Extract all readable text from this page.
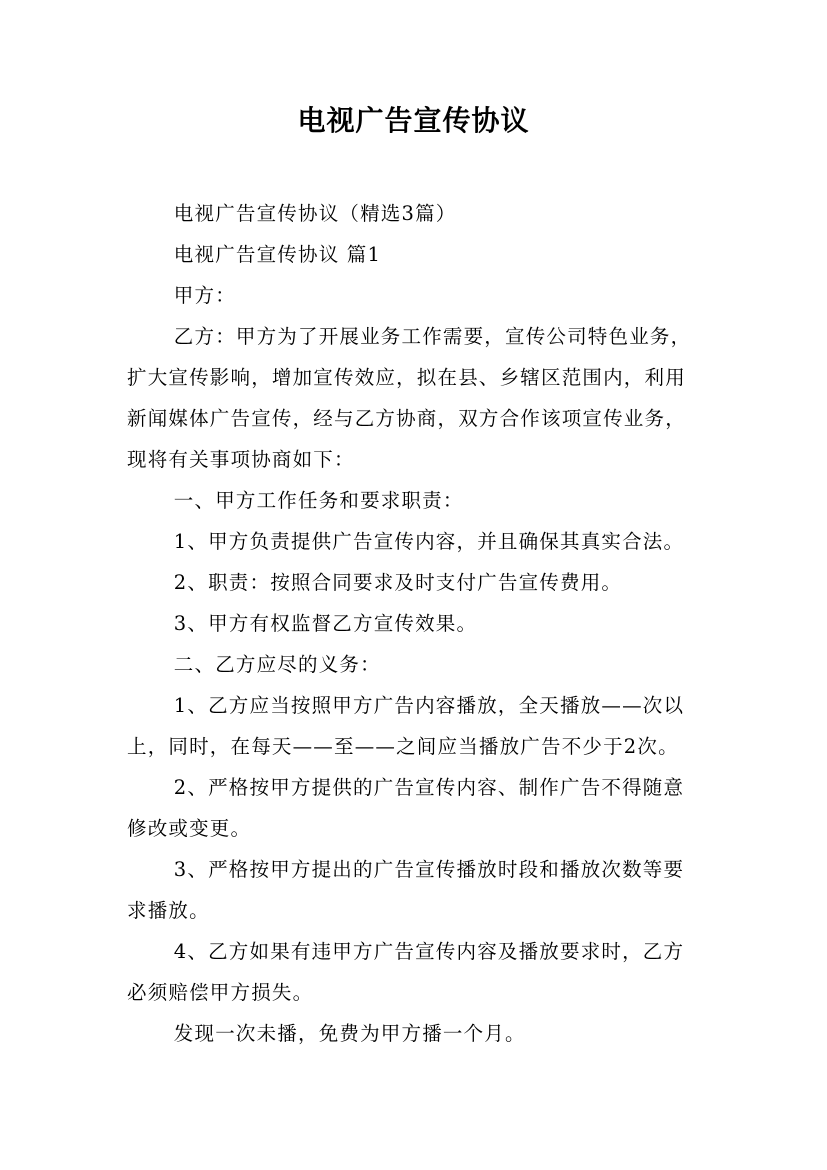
电视广告宣传协议

电视广告宣传协议（精选3篇）

电视广告宣传协议 篇1

甲方：

乙方：甲方为了开展业务工作需要，宣传公司特色业务，扩大宣传影响，增加宣传效应，拟在县、乡辖区范围内，利用新闻媒体广告宣传，经与乙方协商，双方合作该项宣传业务，现将有关事项协商如下：

一、甲方工作任务和要求职责：

1、甲方负责提供广告宣传内容，并且确保其真实合法。

2、职责：按照合同要求及时支付广告宣传费用。

3、甲方有权监督乙方宣传效果。

二、乙方应尽的义务：

1、乙方应当按照甲方广告内容播放，全天播放——次以上，同时，在每天——至——之间应当播放广告不少于2次。

2、严格按甲方提供的广告宣传内容、制作广告不得随意修改或变更。

3、严格按甲方提出的广告宣传播放时段和播放次数等要求播放。

4、乙方如果有违甲方广告宣传内容及播放要求时，乙方必须赔偿甲方损失。

发现一次未播，免费为甲方播一个月。
